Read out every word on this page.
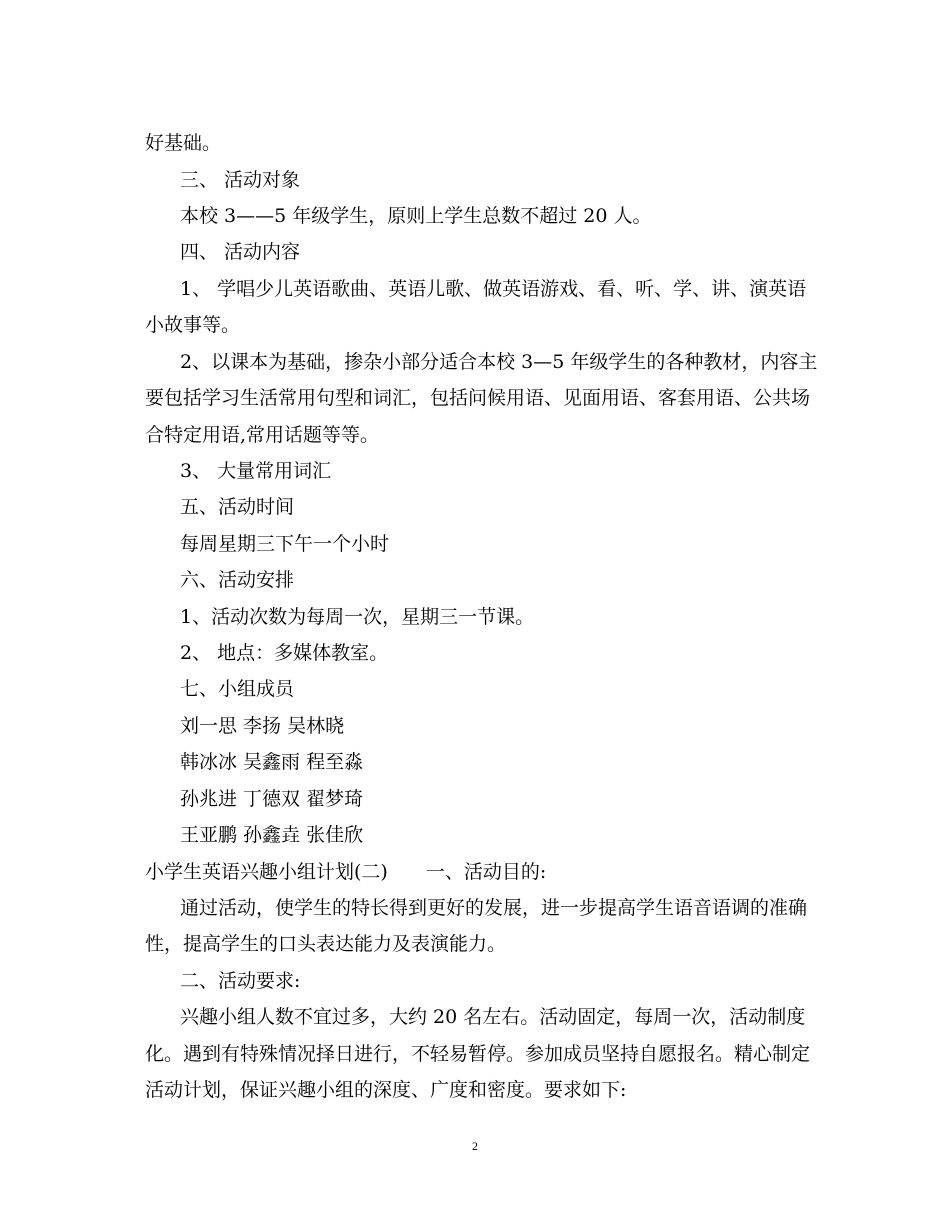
好基础。
三、 活动对象
本校 3——5 年级学生，原则上学生总数不超过 20 人。
四、 活动内容
1、 学唱少儿英语歌曲、英语儿歌、做英语游戏、看、听、学、讲、演英语
小故事等。
2、以课本为基础，掺杂小部分适合本校 3—5 年级学生的各种教材，内容主
要包括学习生活常用句型和词汇，包括问候用语、见面用语、客套用语、公共场
合特定用语,常用话题等等。
3、 大量常用词汇
五、活动时间
每周星期三下午一个小时
六、活动安排
1、活动次数为每周一次，星期三一节课。
2、 地点：多媒体教室。
七、小组成员
刘一思 李扬 吴林晓
韩冰冰 吴鑫雨 程至淼
孙兆进 丁德双 翟梦琦
王亚鹏 孙鑫垚 张佳欣
小学生英语兴趣小组计划(二) 一、活动目的:
通过活动，使学生的特长得到更好的发展，进一步提高学生语音语调的准确
性，提高学生的口头表达能力及表演能力。
二、活动要求:
兴趣小组人数不宜过多，大约 20 名左右。活动固定，每周一次，活动制度
化。遇到有特殊情况择日进行，不轻易暂停。参加成员坚持自愿报名。精心制定
活动计划，保证兴趣小组的深度、广度和密度。要求如下:
2
